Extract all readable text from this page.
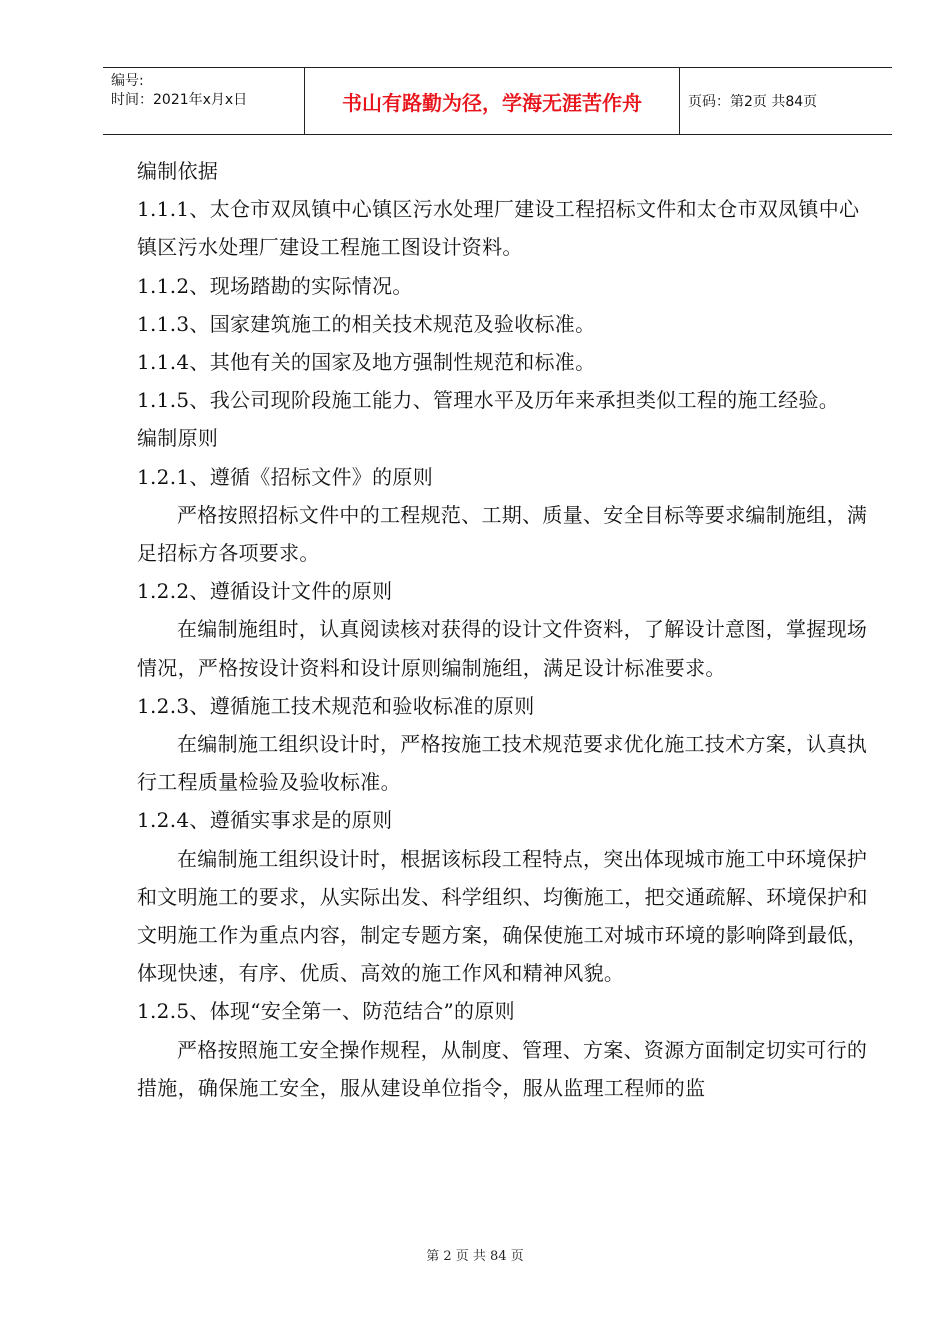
编号:
时间：2021年x月x日	书山有路勤为径，学海无涯苦作舟	页码：第2页 共84页

编制依据

1.1.1、太仓市双凤镇中心镇区污水处理厂建设工程招标文件和太仓市双凤镇中心镇区污水处理厂建设工程施工图设计资料。

1.1.2、现场踏勘的实际情况。

1.1.3、国家建筑施工的相关技术规范及验收标准。

1.1.4、其他有关的国家及地方强制性规范和标准。

1.1.5、我公司现阶段施工能力、管理水平及历年来承担类似工程的施工经验。

编制原则

1.2.1、遵循《招标文件》的原则

严格按照招标文件中的工程规范、工期、质量、安全目标等要求编制施组，满足招标方各项要求。

1.2.2、遵循设计文件的原则

在编制施组时，认真阅读核对获得的设计文件资料，了解设计意图，掌握现场情况，严格按设计资料和设计原则编制施组，满足设计标准要求。

1.2.3、遵循施工技术规范和验收标准的原则

在编制施工组织设计时，严格按施工技术规范要求优化施工技术方案，认真执行工程质量检验及验收标准。

1.2.4、遵循实事求是的原则

在编制施工组织设计时，根据该标段工程特点，突出体现城市施工中环境保护和文明施工的要求，从实际出发、科学组织、均衡施工，把交通疏解、环境保护和文明施工作为重点内容，制定专题方案，确保使施工对城市环境的影响降到最低，体现快速，有序、优质、高效的施工作风和精神风貌。

1.2.5、体现“安全第一、防范结合”的原则

严格按照施工安全操作规程，从制度、管理、方案、资源方面制定切实可行的措施，确保施工安全，服从建设单位指令，服从监理工程师的监

第 2 页 共 84 页
